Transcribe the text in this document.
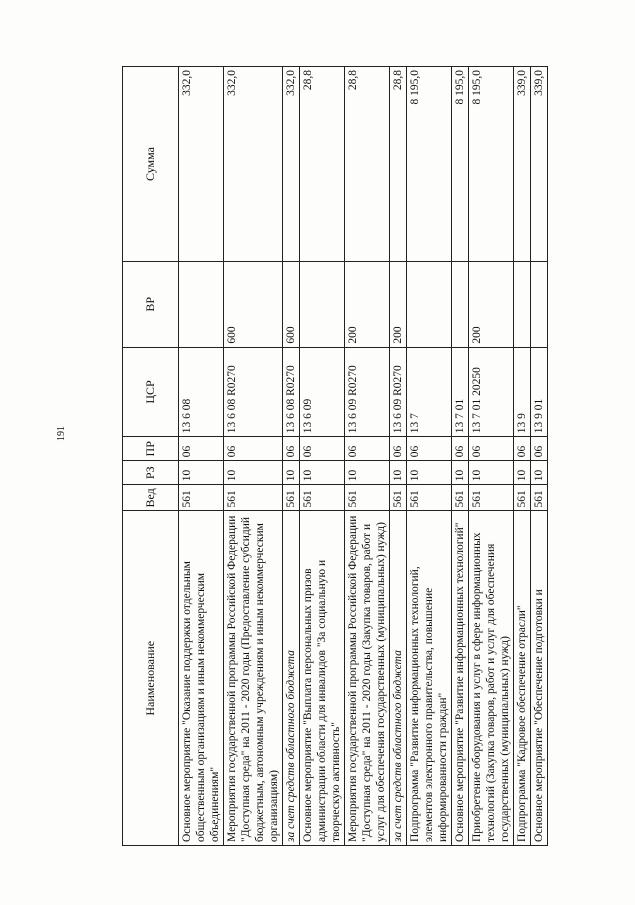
191
Наименование	Вед	РЗ	ПР	ЦСР	ВР	Сумма
Основное мероприятие "Оказание поддержки отдельным общественным организациям и иным некоммерческим объединениям"	561	10	06	13 6 08		332,0
Мероприятия государственной программы Российской Федерации "Доступная среда" на 2011 - 2020 годы (Предоставление субсидий бюджетным, автономным учреждениям и иным некоммерческим организациям)	561	10	06	13 6 08 R0270	600	332,0
за счет средств областного бюджета	561	10	06	13 6 08 R0270	600	332,0
Основное мероприятие "Выплата персональных призов администрации области для инвалидов "За социальную и творческую активность"	561	10	06	13 6 09		28,8
Мероприятия государственной программы Российской Федерации "Доступная среда" на 2011 - 2020 годы (Закупка товаров, работ и услуг для обеспечения государственных (муниципальных) нужд)	561	10	06	13 6 09 R0270	200	28,8
за счет средств областного бюджета	561	10	06	13 6 09 R0270	200	28,8
Подпрограмма "Развитие информационных технологий, элементов электронного правительства, повышение информированности граждан"	561	10	06	13 7		8 195,0
Основное мероприятие "Развитие информационных технологий"	561	10	06	13 7 01		8 195,0
Приобретение оборудования и услуг в сфере информационных технологий (Закупка товаров, работ и услуг для обеспечения государственных (муниципальных) нужд)	561	10	06	13 7 01 20250	200	8 195,0
Подпрограмма "Кадровое обеспечение отрасли"	561	10	06	13 9		339,0
Основное мероприятие "Обеспечение подготовки и	561	10	06	13 9 01		339,0
